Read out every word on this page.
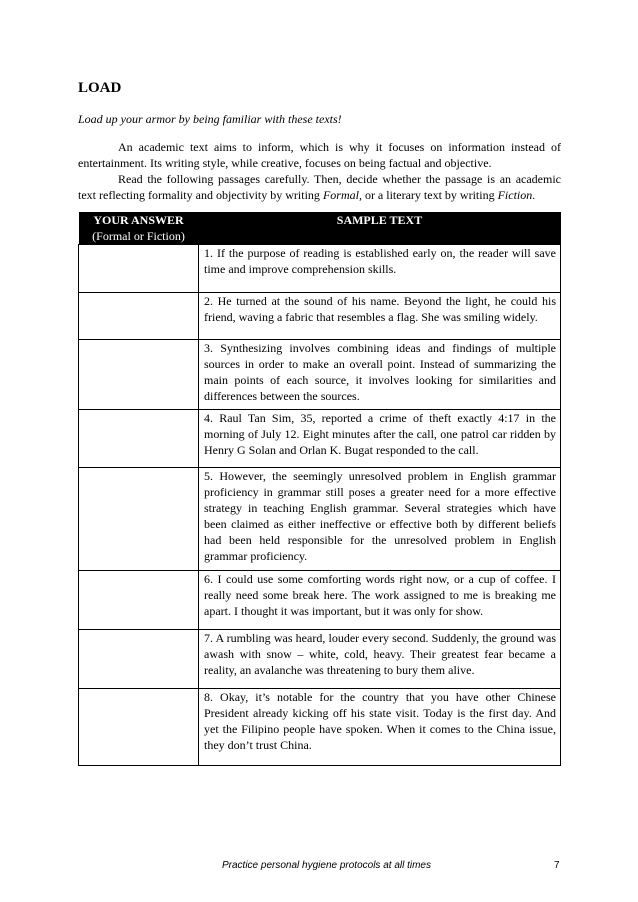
LOAD

Load up your armor by being familiar with these texts!

An academic text aims to inform, which is why it focuses on information instead of entertainment. Its writing style, while creative, focuses on being factual and objective.

Read the following passages carefully. Then, decide whether the passage is an academic text reflecting formality and objectivity by writing Formal, or a literary text by writing Fiction.

YOUR ANSWER
(Formal or Fiction)	SAMPLE TEXT
	1. If the purpose of reading is established early on, the reader will save time and improve comprehension skills.
	2. He turned at the sound of his name. Beyond the light, he could his friend, waving a fabric that resembles a flag. She was smiling widely.
	3. Synthesizing involves combining ideas and findings of multiple sources in order to make an overall point. Instead of summarizing the main points of each source, it involves looking for similarities and differences between the sources.
	4. Raul Tan Sim, 35, reported a crime of theft exactly 4:17 in the morning of July 12. Eight minutes after the call, one patrol car ridden by Henry G Solan and Orlan K. Bugat responded to the call.
	5. However, the seemingly unresolved problem in English grammar proficiency in grammar still poses a greater need for a more effective strategy in teaching English grammar. Several strategies which have been claimed as either ineffective or effective both by different beliefs had been held responsible for the unresolved problem in English grammar proficiency.
	6. I could use some comforting words right now, or a cup of coffee. I really need some break here. The work assigned to me is breaking me apart. I thought it was important, but it was only for show.
	7. A rumbling was heard, louder every second. Suddenly, the ground was awash with snow – white, cold, heavy. Their greatest fear became a reality, an avalanche was threatening to bury them alive.
	8. Okay, it’s notable for the country that you have other Chinese President already kicking off his state visit. Today is the first day. And yet the Filipino people have spoken. When it comes to the China issue, they don’t trust China.
Practice personal hygiene protocols at all times	7
